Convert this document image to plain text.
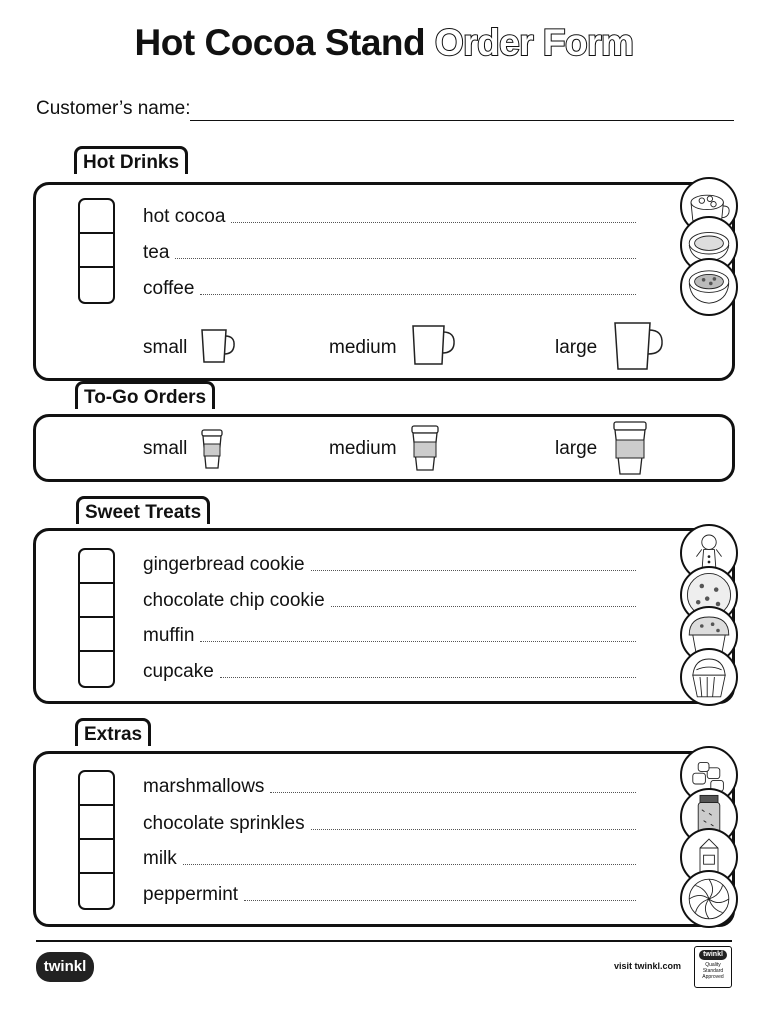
Hot Cocoa Stand Order Form
Customer’s name:
Hot Drinks
hot cocoa
tea
coffee
small	medium	large
To-Go Orders
small	medium	large
Sweet Treats
gingerbread cookie
chocolate chip cookie
muffin
cupcake
Extras
marshmallows
chocolate sprinkles
milk
peppermint
twinkl	visit twinkl.com
twinkl
Quality Standard Approved
